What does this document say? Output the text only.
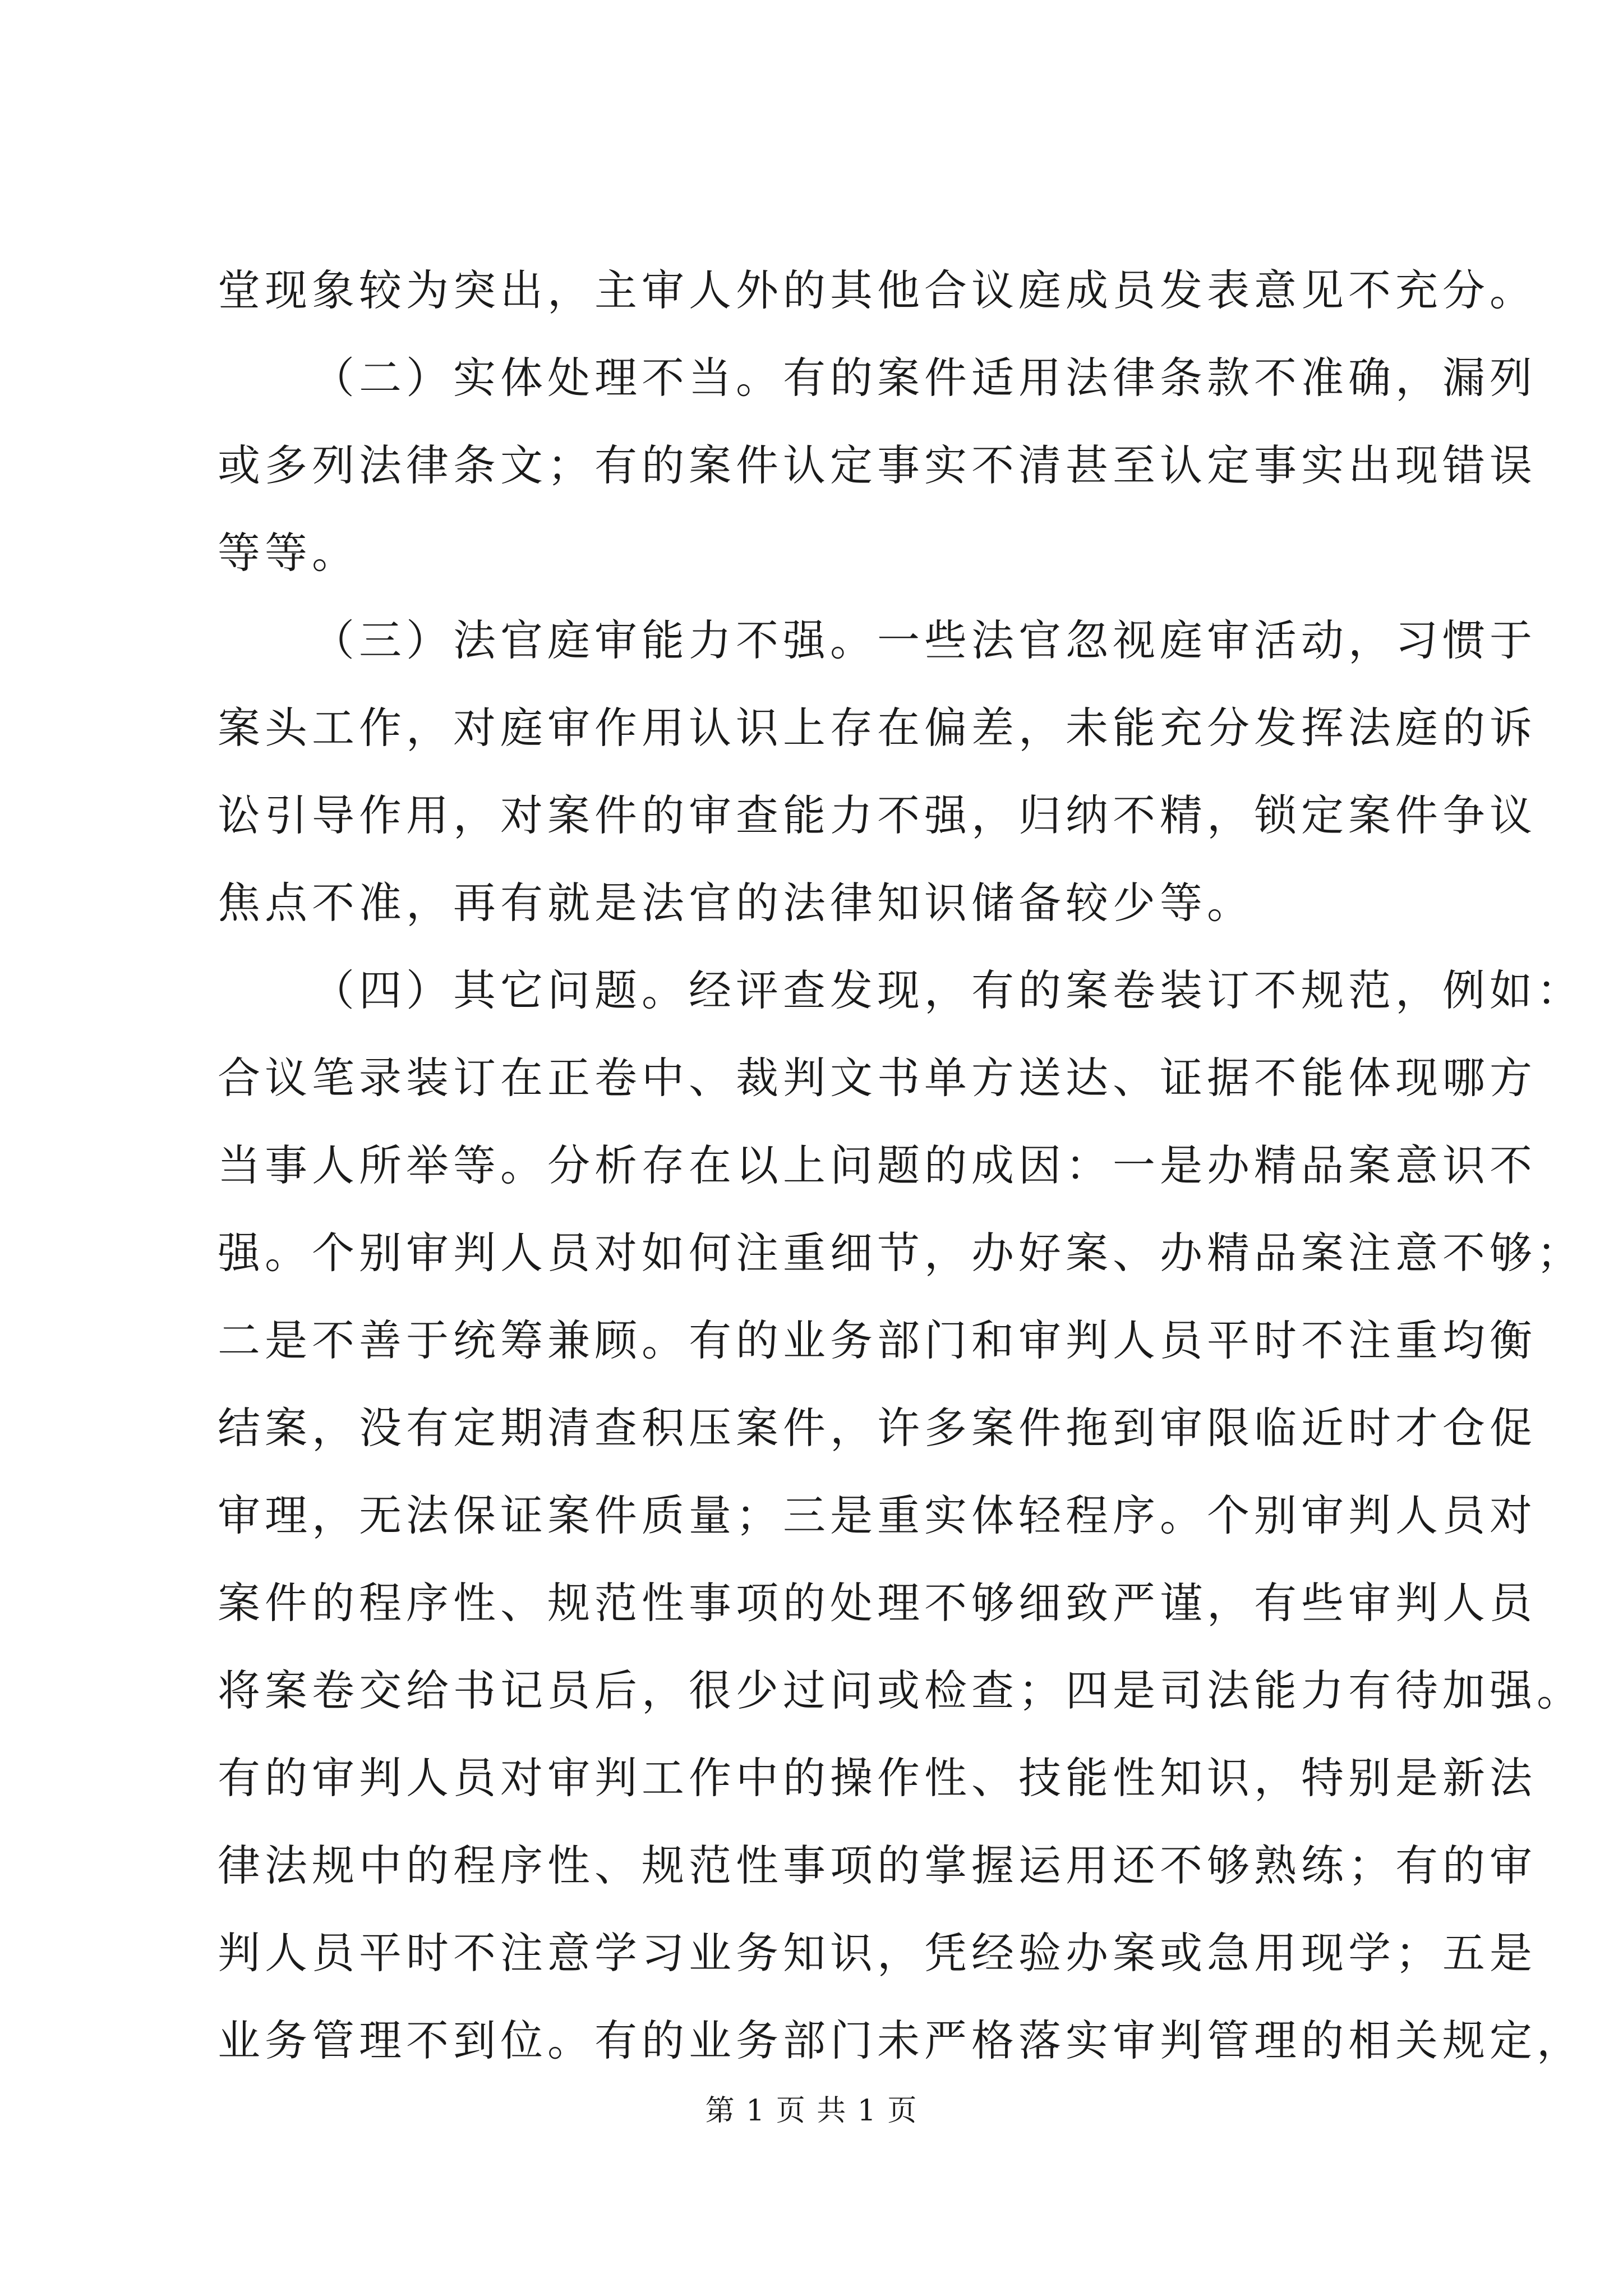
堂现象较为突出，主审人外的其他合议庭成员发表意见不充分。
（二）实体处理不当。有的案件适用法律条款不准确，漏列
或多列法律条文；有的案件认定事实不清甚至认定事实出现错误
等等。
（三）法官庭审能力不强。一些法官忽视庭审活动，习惯于
案头工作，对庭审作用认识上存在偏差，未能充分发挥法庭的诉
讼引导作用，对案件的审查能力不强，归纳不精，锁定案件争议
焦点不准，再有就是法官的法律知识储备较少等。
（四）其它问题。经评查发现，有的案卷装订不规范，例如：
合议笔录装订在正卷中、裁判文书单方送达、证据不能体现哪方
当事人所举等。分析存在以上问题的成因：一是办精品案意识不
强。个别审判人员对如何注重细节，办好案、办精品案注意不够；
二是不善于统筹兼顾。有的业务部门和审判人员平时不注重均衡
结案，没有定期清查积压案件，许多案件拖到审限临近时才仓促
审理，无法保证案件质量；三是重实体轻程序。个别审判人员对
案件的程序性、规范性事项的处理不够细致严谨，有些审判人员
将案卷交给书记员后，很少过问或检查；四是司法能力有待加强。
有的审判人员对审判工作中的操作性、技能性知识，特别是新法
律法规中的程序性、规范性事项的掌握运用还不够熟练；有的审
判人员平时不注意学习业务知识，凭经验办案或急用现学；五是
业务管理不到位。有的业务部门未严格落实审判管理的相关规定，
第 1 页 共 1 页
